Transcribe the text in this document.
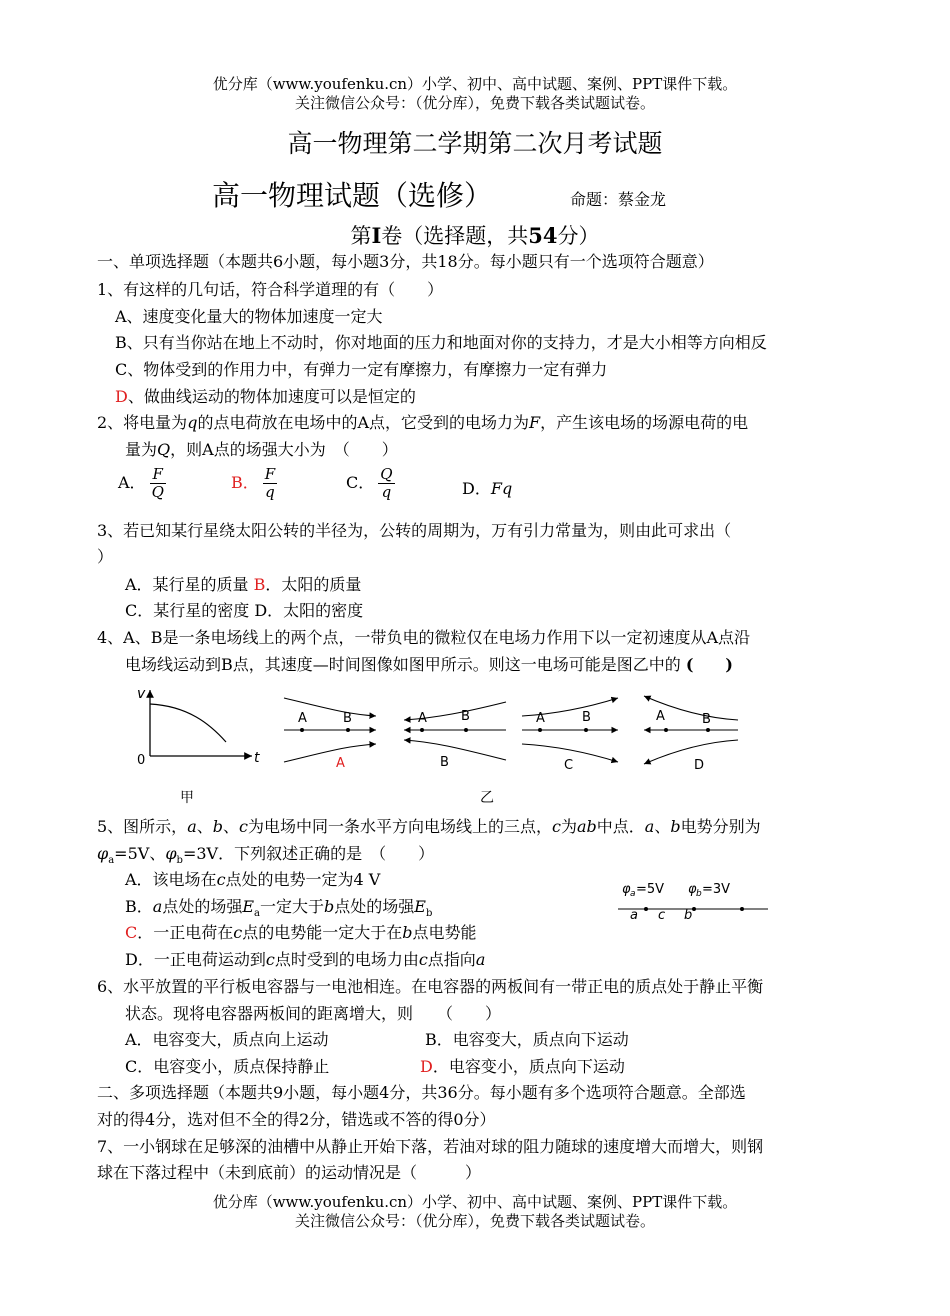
优分库（www.youfenku.cn）小学、初中、高中试题、案例、PPT课件下载。
关注微信公众号：（优分库），免费下载各类试题试卷。
高一物理第二学期第二次月考试题
高一物理试题（选修）	命题：蔡金龙
第I卷（选择题，共54分）
一、单项选择题（本题共6小题，每小题3分，共18分。每小题只有一个选项符合题意）
1、有这样的几句话，符合科学道理的有（　　）
A、速度变化量大的物体加速度一定大
B、只有当你站在地上不动时，你对地面的压力和地面对你的支持力，才是大小相等方向相反
C、物体受到的作用力中，有弹力一定有摩擦力，有摩擦力一定有弹力
D、做曲线运动的物体加速度可以是恒定的
2、将电量为q的点电荷放在电场中的A点，它受到的电场力为F，产生该电场的场源电荷的电
量为Q，则A点的场强大小为　（　　）
A． $\frac{F}{Q}$	B． $\frac{F}{q}$	C． $\frac{Q}{q}$	D．Fq
3、若已知某行星绕太阳公转的半径为，公转的周期为，万有引力常量为，则由此可求出（
）
A．某行星的质量 B．太阳的质量
C．某行星的密度 D．太阳的密度
4、A、B是一条电场线上的两个点，一带负电的微粒仅在电场力作用下以一定初速度从A点沿
电场线运动到B点，其速度—时间图像如图甲所示。则这一电场可能是图乙中的 (　　)
v
t
0
甲
A	B
A
A	B
B
A	B
C
A	B
D
乙
5、图所示，a、b、c为电场中同一条水平方向电场线上的三点，c为ab中点．a、b电势分别为
$\varphi_a=5V$、$\varphi_b=3V$．下列叙述正确的是　（　　）
A．该电场在c点处的电势一定为4 V
B．a点处的场强$E_a$一定大于b点处的场强$E_b$
C．一正电荷在c点的电势能一定大于在b点电势能
D．一正电荷运动到c点时受到的电场力由c点指向a
φ a =5V φ b =3V
a c b
6、水平放置的平行板电容器与一电池相连。在电容器的两板间有一带正电的质点处于静止平衡
状态。现将电容器两板间的距离增大，则　　（　　）
A．电容变大，质点向上运动	B．电容变大，质点向下运动
C．电容变小，质点保持静止	D．电容变小，质点向下运动
二、多项选择题（本题共9小题，每小题4分，共36分。每小题有多个选项符合题意。全部选
对的得4分，选对但不全的得2分，错选或不答的得0分）
7、一小钢球在足够深的油槽中从静止开始下落，若油对球的阻力随球的速度增大而增大，则钢
球在下落过程中（未到底前）的运动情况是（　　　）
优分库（www.youfenku.cn）小学、初中、高中试题、案例、PPT课件下载。
关注微信公众号：（优分库），免费下载各类试题试卷。
